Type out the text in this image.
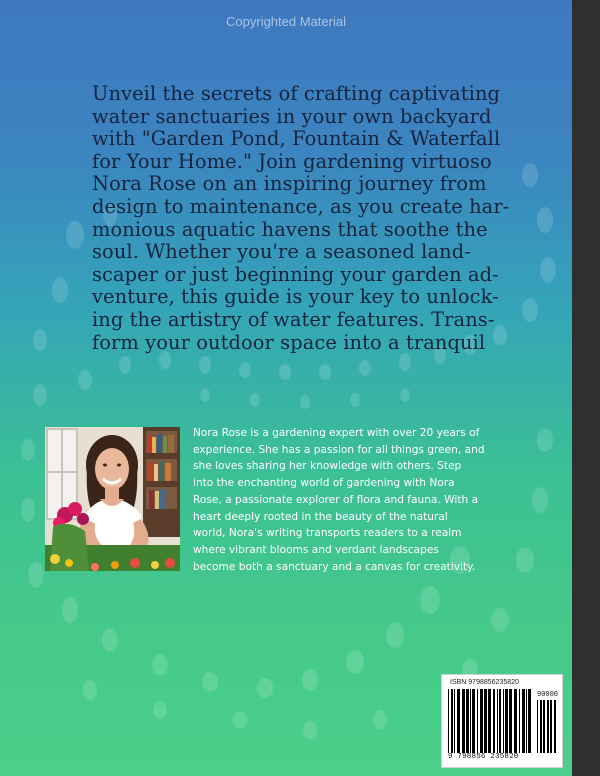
Copyrighted Material

Unveil the secrets of crafting captivating
water sanctuaries in your own backyard
with "Garden Pond, Fountain & Waterfall
for Your Home." Join gardening virtuoso
Nora Rose on an inspiring journey from
design to maintenance, as you create har-
monious aquatic havens that soothe the
soul. Whether you're a seasoned land-
scaper or just beginning your garden ad-
venture, this guide is your key to unlock-
ing the artistry of water features. Trans-
form your outdoor space into a tranquil

Nora Rose is a gardening expert with over 20 years of
experience. She has a passion for all things green, and
she loves sharing her knowledge with others. Step
into the enchanting world of gardening with Nora
Rose, a passionate explorer of flora and fauna. With a
heart deeply rooted in the beauty of the natural
world, Nora's writing transports readers to a realm
where vibrant blooms and verdant landscapes
become both a sanctuary and a canvas for creativity.

ISBN 9798856235820
90000
9 798856 235820
